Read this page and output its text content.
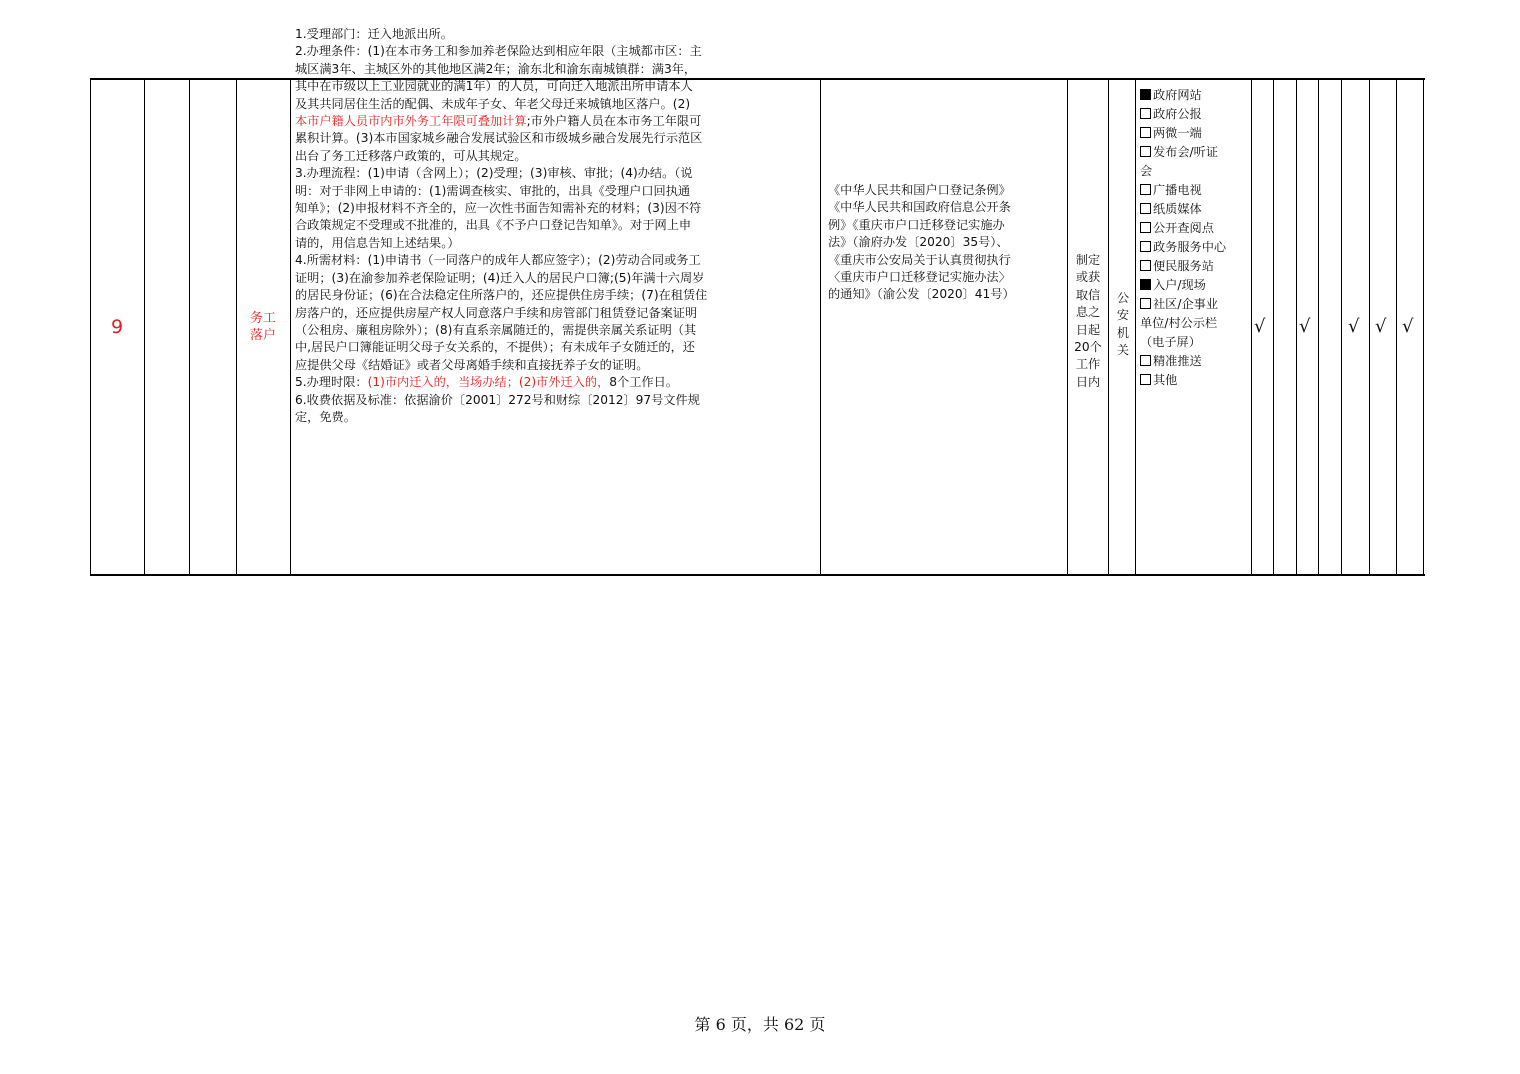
9	务工落户
1.受理部门：迁入地派出所。
2.办理条件：(1)在本市务工和参加养老保险达到相应年限（主城都市区：主
城区满3年、主城区外的其他地区满2年；渝东北和渝东南城镇群：满3年，
其中在市级以上工业园就业的满1年）的人员，可向迁入地派出所申请本人
及其共同居住生活的配偶、未成年子女、年老父母迁来城镇地区落户。(2)
本市户籍人员市内市外务工年限可叠加计算;市外户籍人员在本市务工年限可
累积计算。(3)本市国家城乡融合发展试验区和市级城乡融合发展先行示范区
出台了务工迁移落户政策的，可从其规定。
3.办理流程：(1)申请（含网上）；(2)受理；(3)审核、审批；(4)办结。（说
明：对于非网上申请的：(1)需调查核实、审批的，出具《受理户口回执通
知单》；(2)申报材料不齐全的，应一次性书面告知需补充的材料；(3)因不符
合政策规定不受理或不批准的，出具《不予户口登记告知单》。对于网上申
请的，用信息告知上述结果。）
4.所需材料：(1)申请书（一同落户的成年人都应签字）；(2)劳动合同或务工
证明；(3)在渝参加养老保险证明；(4)迁入人的居民户口簿;(5)年满十六周岁
的居民身份证；(6)在合法稳定住所落户的，还应提供住房手续；(7)在租赁住
房落户的，还应提供房屋产权人同意落户手续和房管部门租赁登记备案证明
（公租房、廉租房除外）；(8)有直系亲属随迁的，需提供亲属关系证明（其
中,居民户口簿能证明父母子女关系的，不提供）；有未成年子女随迁的，还
应提供父母《结婚证》或者父母离婚手续和直接抚养子女的证明。
5.办理时限：(1)市内迁入的，当场办结；(2)市外迁入的，8个工作日。
6.收费依据及标准：依据渝价〔2001〕272号和财综〔2012〕97号文件规
定，免费。
《中华人民共和国户口登记条例》
《中华人民共和国政府信息公开条
例》《重庆市户口迁移登记实施办
法》（渝府办发〔2020〕35号）、
《重庆市公安局关于认真贯彻执行
〈重庆市户口迁移登记实施办法〉
的通知》（渝公发〔2020〕41号）
制定
或获
取信
息之
日起
20个
工作
日内
公
安
机
关
政府网站
政府公报
两微一端
发布会/听证
会
广播电视
纸质媒体
公开查阅点
政务服务中心
便民服务站
入户/现场
社区/企事业
单位/村公示栏
（电子屏）
精准推送
其他
√ √ √ √ √
第 6 页，共 62 页
